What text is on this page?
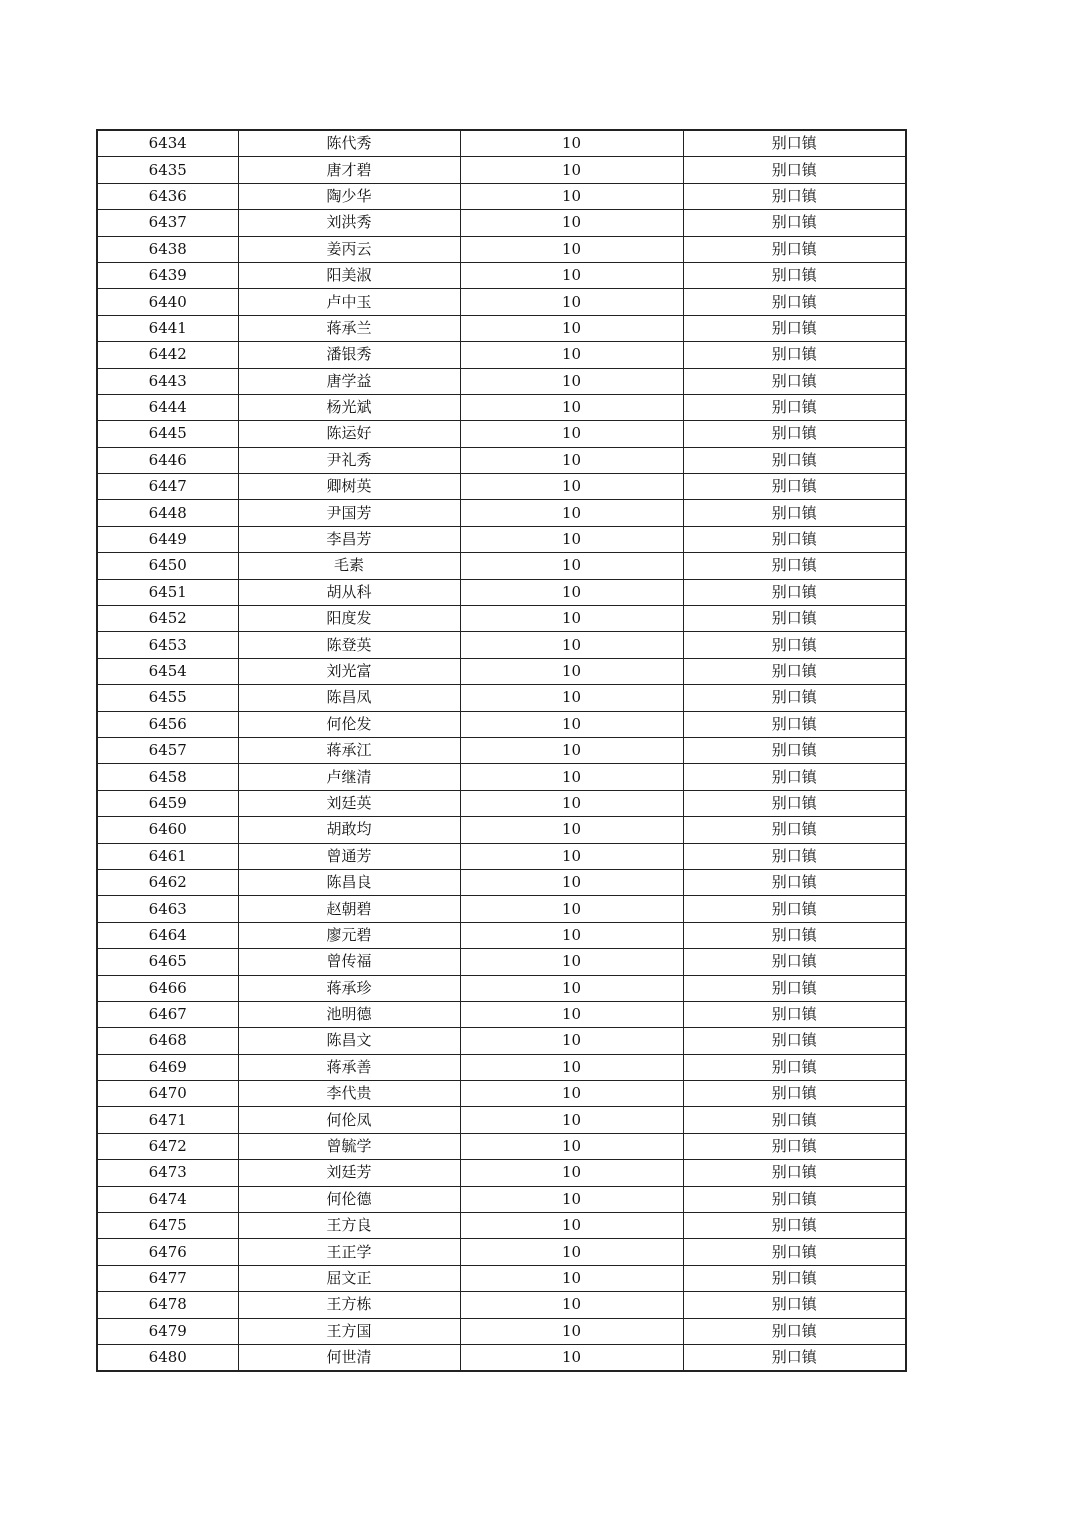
6434	陈代秀	10	别口镇
6435	唐才碧	10	别口镇
6436	陶少华	10	别口镇
6437	刘洪秀	10	别口镇
6438	姜丙云	10	别口镇
6439	阳美淑	10	别口镇
6440	卢中玉	10	别口镇
6441	蒋承兰	10	别口镇
6442	潘银秀	10	别口镇
6443	唐学益	10	别口镇
6444	杨光斌	10	别口镇
6445	陈运好	10	别口镇
6446	尹礼秀	10	别口镇
6447	卿树英	10	别口镇
6448	尹国芳	10	别口镇
6449	李昌芳	10	别口镇
6450	毛素	10	别口镇
6451	胡从科	10	别口镇
6452	阳度发	10	别口镇
6453	陈登英	10	别口镇
6454	刘光富	10	别口镇
6455	陈昌凤	10	别口镇
6456	何伦发	10	别口镇
6457	蒋承江	10	别口镇
6458	卢继清	10	别口镇
6459	刘廷英	10	别口镇
6460	胡敢均	10	别口镇
6461	曾通芳	10	别口镇
6462	陈昌良	10	别口镇
6463	赵朝碧	10	别口镇
6464	廖元碧	10	别口镇
6465	曾传福	10	别口镇
6466	蒋承珍	10	别口镇
6467	池明德	10	别口镇
6468	陈昌文	10	别口镇
6469	蒋承善	10	别口镇
6470	李代贵	10	别口镇
6471	何伦凤	10	别口镇
6472	曾毓学	10	别口镇
6473	刘廷芳	10	别口镇
6474	何伦德	10	别口镇
6475	王方良	10	别口镇
6476	王正学	10	别口镇
6477	屈文正	10	别口镇
6478	王方栋	10	别口镇
6479	王方国	10	别口镇
6480	何世清	10	别口镇
